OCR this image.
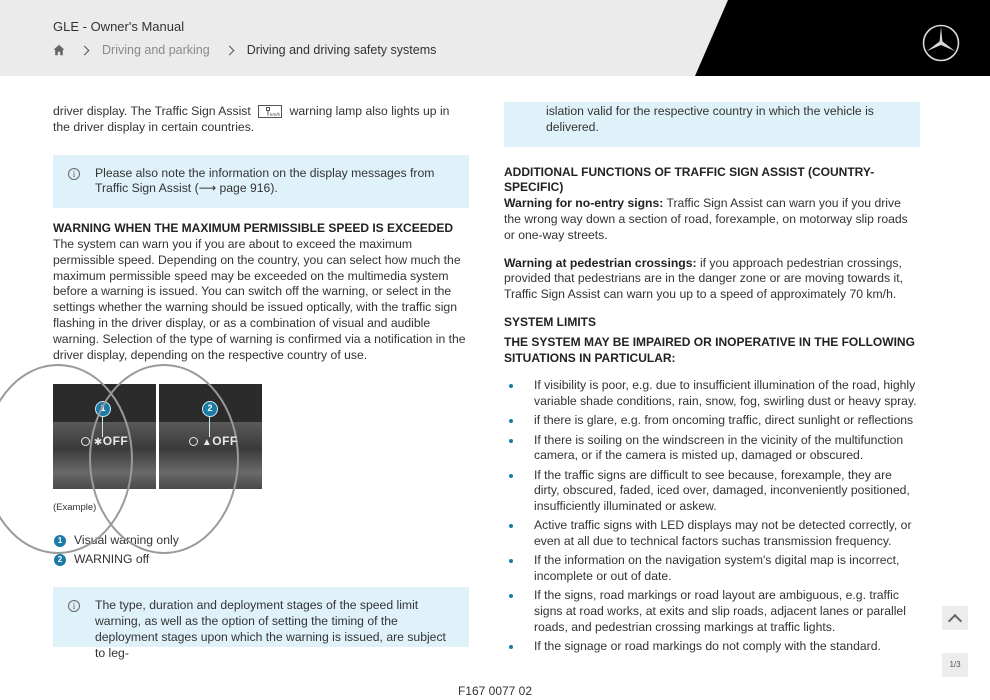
GLE - Owner's Manual
Driving and parking	Driving and driving safety systems

driver display. The Traffic Sign Assist	km/h warning lamp also lights up in the driver display in certain countries.

i	Please also note the information on the display messages from Traffic Sign Assist (⟶ page 916).

WARNING WHEN THE MAXIMUM PERMISSIBLE SPEED IS EXCEEDED

The system can warn you if you are about to exceed the maximum permissible speed. Depending on the country, you can select how much the maximum permissible speed may be exceeded on the multimedia system before a warning is issued. You can switch off the warning, or select in the settings whether the warning should be issued optically, with the traffic sign flashing in the driver display, or as a combination of visual and audible warning. Selection of the type of warning is confirmed via a notification in the driver display, depending on the respective country of use.

1
✱OFF
2
▲OFF

(Example)

1 Visual warning only
2 WARNING off
i	The type, duration and deployment stages of the speed limit warning, as well as the option of setting the timing of the deployment stages upon which the warning is issued, are subject to leg-

islation valid for the respective country in which the vehicle is delivered.

ADDITIONAL FUNCTIONS OF TRAFFIC SIGN ASSIST (COUNTRY-SPECIFIC)

Warning for no-entry signs: Traffic Sign Assist can warn you if you drive the wrong way down a section of road, forexample, on motorway slip roads or one-way streets.

Warning at pedestrian crossings: if you approach pedestrian crossings, provided that pedestrians are in the danger zone or are moving towards it, Traffic Sign Assist can warn you up to a speed of approximately 70 km/h.

SYSTEM LIMITS

THE SYSTEM MAY BE IMPAIRED OR INOPERATIVE IN THE FOLLOWING SITUATIONS IN PARTICULAR:

If visibility is poor, e.g. due to insufficient illumination of the road, highly variable shade conditions, rain, snow, fog, swirling dust or heavy spray.
if there is glare, e.g. from oncoming traffic, direct sunlight or reflections
If there is soiling on the windscreen in the vicinity of the multifunction camera, or if the camera is misted up, damaged or obscured.
If the traffic signs are difficult to see because, forexample, they are dirty, obscured, faded, iced over, damaged, inconveniently positioned, insufficiently illuminated or askew.
Active traffic signs with LED displays may not be detected correctly, or even at all due to technical factors suchas transmission frequency.
If the information on the navigation system's digital map is incorrect, incomplete or out of date.
If the signs, road markings or road layout are ambiguous, e.g. traffic signs at road works, at exits and slip roads, adjacent lanes or parallel roads, and pedestrian crossing markings at traffic lights.
If the signage or road markings do not comply with the standard.
1/3
F167 0077 02
